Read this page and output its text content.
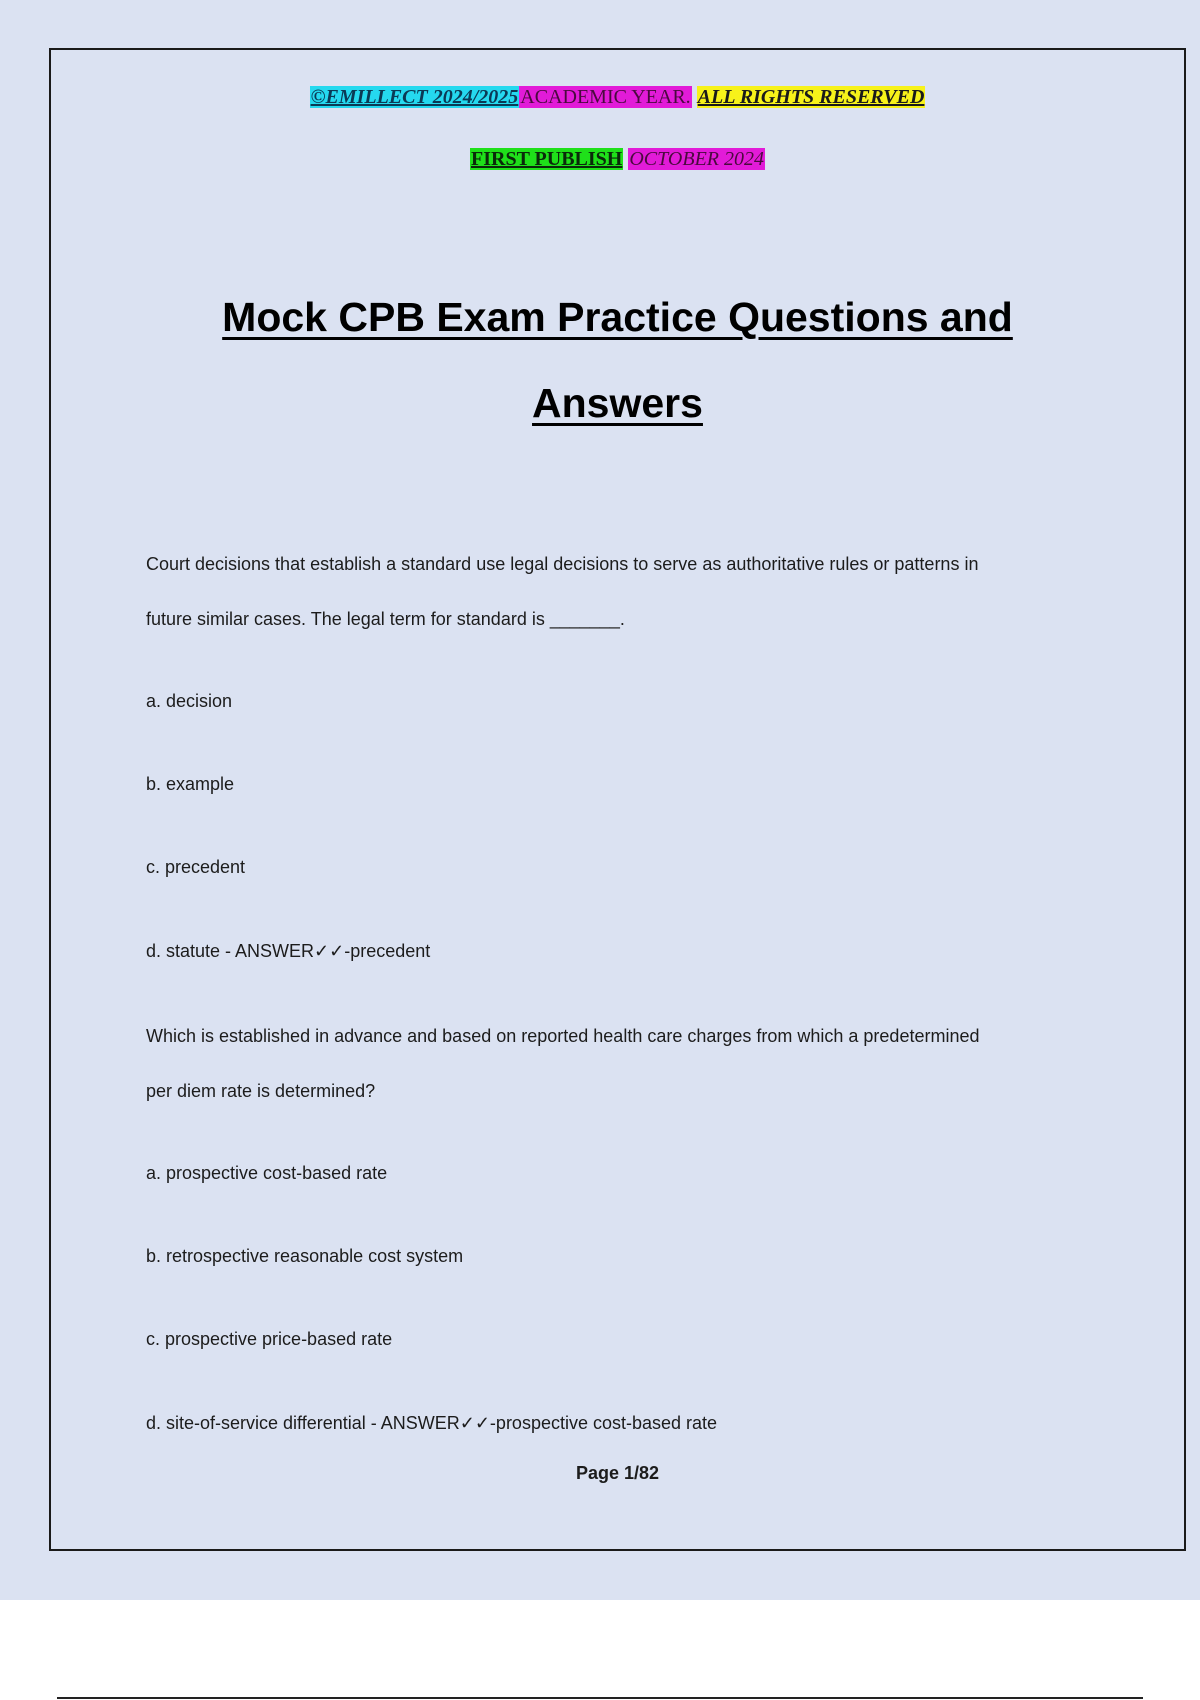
©EMILLECT 2024/2025 ACADEMIC YEAR. ALL RIGHTS RESERVED
FIRST PUBLISH OCTOBER 2024
Mock CPB Exam Practice Questions and
Answers
Court decisions that establish a standard use legal decisions to serve as authoritative rules or patterns in
future similar cases. The legal term for standard is _______.
a. decision
b. example
c. precedent
d. statute - ANSWER✓✓-precedent
Which is established in advance and based on reported health care charges from which a predetermined
per diem rate is determined?
a. prospective cost-based rate
b. retrospective reasonable cost system
c. prospective price-based rate
d. site-of-service differential - ANSWER✓✓-prospective cost-based rate
Page 1/82
